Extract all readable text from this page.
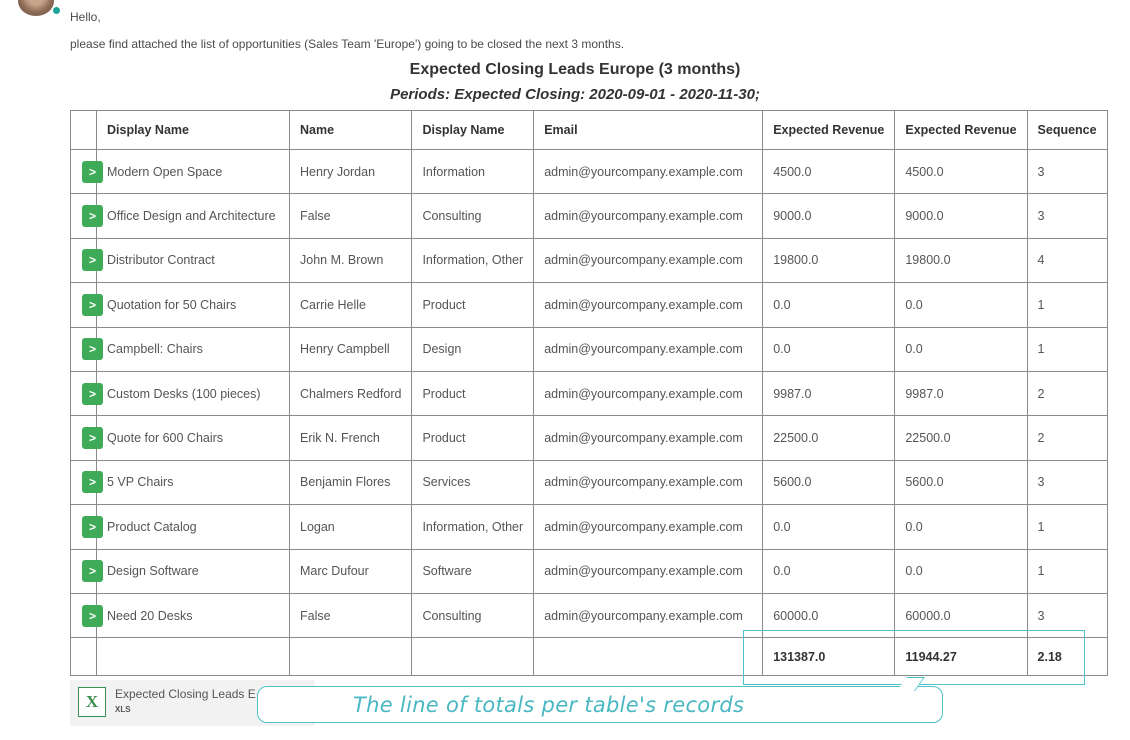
Hello,
please find attached the list of opportunities (Sales Team 'Europe') going to be closed the next 3 months.
Expected Closing Leads Europe (3 months)
Periods: Expected Closing: 2020-09-01 - 2020-11-30;
Display Name	Name	Display Name	Email	Expected Revenue	Expected Revenue	Sequence

> Modern Open Space	Henry Jordan	Information	admin@yourcompany.example.com	4500.0	4500.0	3

> Office Design and Architecture	False	Consulting	admin@yourcompany.example.com	9000.0	9000.0	3

> Distributor Contract	John M. Brown	Information, Other	admin@yourcompany.example.com	19800.0	19800.0	4

> Quotation for 50 Chairs	Carrie Helle	Product	admin@yourcompany.example.com	0.0	0.0	1

> Campbell: Chairs	Henry Campbell	Design	admin@yourcompany.example.com	0.0	0.0	1

> Custom Desks (100 pieces)	Chalmers Redford	Product	admin@yourcompany.example.com	9987.0	9987.0	2

> Quote for 600 Chairs	Erik N. French	Product	admin@yourcompany.example.com	22500.0	22500.0	2

> 5 VP Chairs	Benjamin Flores	Services	admin@yourcompany.example.com	5600.0	5600.0	3

> Product Catalog	Logan	Information, Other	admin@yourcompany.example.com	0.0	0.0	1

> Design Software	Marc Dufour	Software	admin@yourcompany.example.com	0.0	0.0	1

> Need 20 Desks	False	Consulting	admin@yourcompany.example.com	60000.0	60000.0	3
				131387.0	11944.27	2.18
X	Expected Closing Leads E
XLS	The line of totals per table's records
